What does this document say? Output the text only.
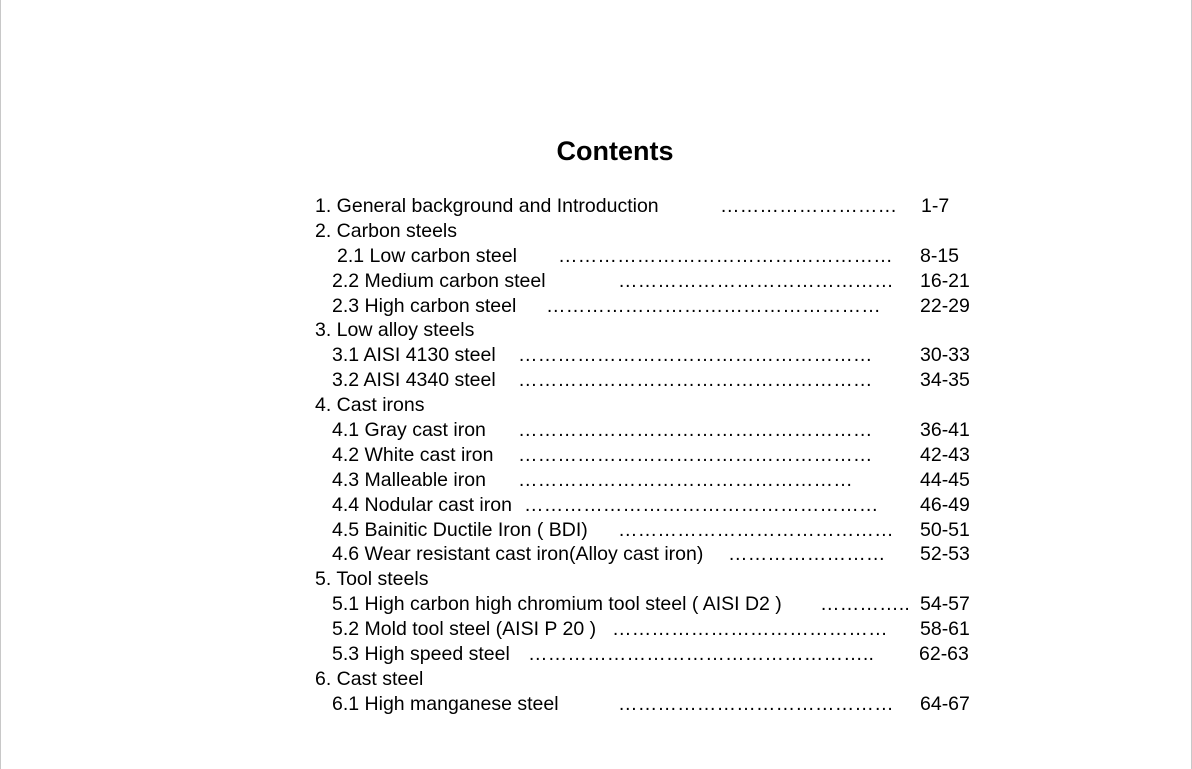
Contents
1. General background and Introduction	……………………… 1-7
2. Carbon steels
2.1 Low carbon steel …………………………………………… 8-15
2.2 Medium carbon steel	…………………………………… 16-21
2.3 High carbon steel …………………………………………… 22-29
3. Low alloy steels
3.1 AISI 4130 steel ……………………………………………… 30-33
3.2 AISI 4340 steel ……………………………………………… 34-35
4. Cast irons
4.1 Gray cast iron ……………………………………………… 36-41
4.2 White cast iron ……………………………………………… 42-43
4.3 Malleable iron ……………………………………………	44-45
4.4 Nodular cast iron ……………………………………………… 46-49
4.5 Bainitic Ductile Iron ( BDI) …………………………………… 50-51
4.6 Wear resistant cast iron(Alloy cast iron) …………………… 52-53
5. Tool steels
5.1 High carbon high chromium tool steel ( AISI D2 ) ………….. 54-57
5.2 Mold tool steel (AISI P 20 ) …………………………………… 58-61
5.3 High speed steel …………………………………………….. 62-63
6. Cast steel
6.1 High manganese steel	…………………………………… 64-67
